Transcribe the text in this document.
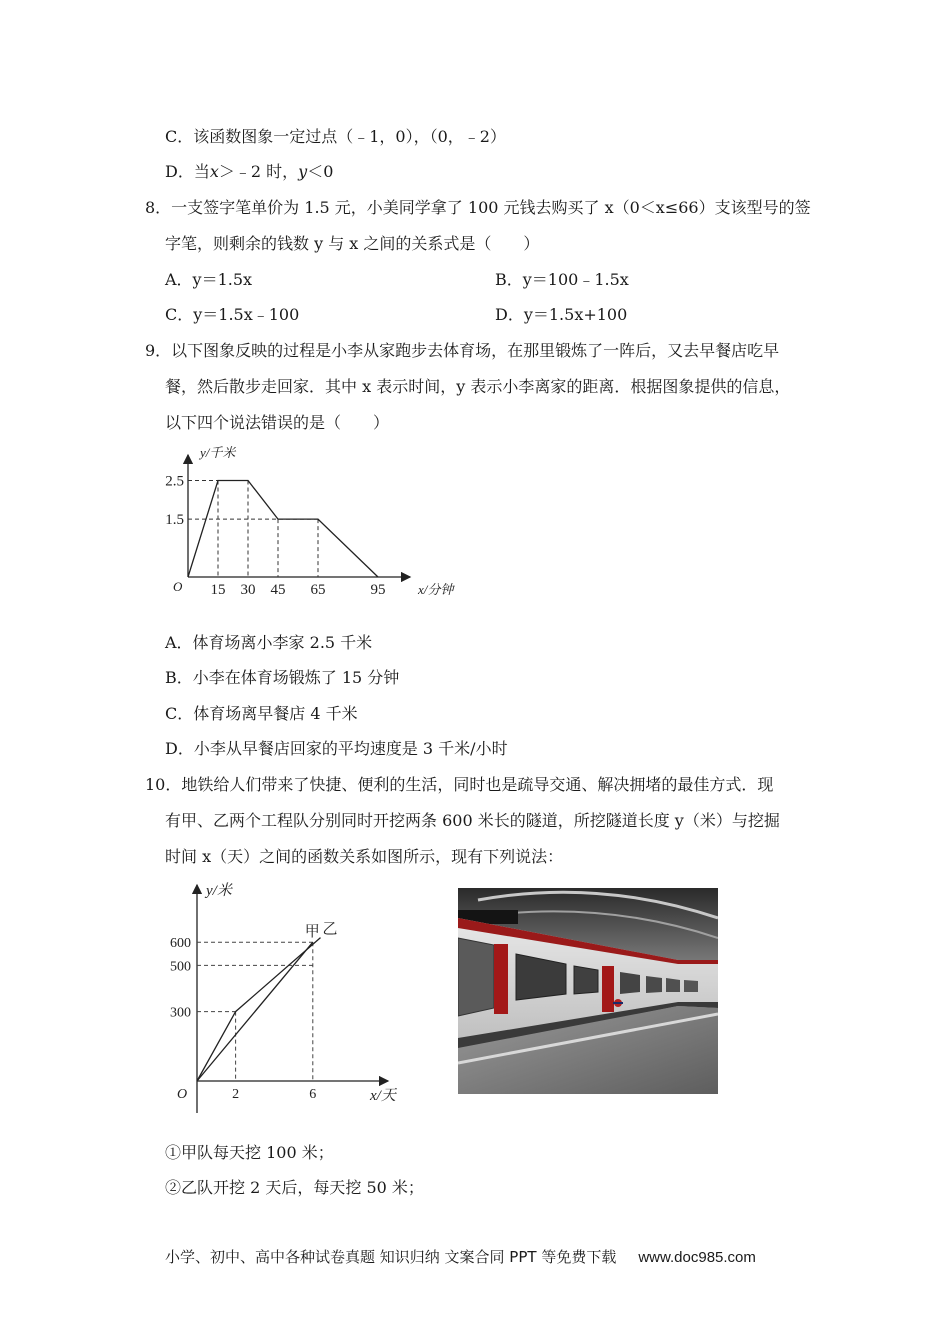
C．该函数图象一定过点（﹣1，0），（0，﹣2）
D．当x＞﹣2 时，y＜0
8．一支签字笔单价为 1.5 元，小美同学拿了 100 元钱去购买了 x（0＜x≤66）支该型号的签
字笔，则剩余的钱数 y 与 x 之间的关系式是（　　）
A．y＝1.5x	B．y＝100﹣1.5x
C．y＝1.5x﹣100	D．y＝1.5x+100
9．以下图象反映的过程是小李从家跑步去体育场，在那里锻炼了一阵后，又去早餐店吃早
餐，然后散步走回家．其中 x 表示时间，y 表示小李离家的距离．根据图象提供的信息，
以下四个说法错误的是（　　）
15 30 45 65	95
1.5
2.5
y/千米
x/分钟
O
A．体育场离小李家 2.5 千米
B．小李在体育场锻炼了 15 分钟
C．体育场离早餐店 4 千米
D．小李从早餐店回家的平均速度是 3 千米/小时
10．地铁给人们带来了快捷、便利的生活，同时也是疏导交通、解决拥堵的最佳方式．现
有甲、乙两个工程队分别同时开挖两条 600 米长的隧道，所挖隧道长度 y（米）与挖掘
时间 x（天）之间的函数关系如图所示，现有下列说法：
甲 乙
2	6
300
500
600
y/米
x/天
O
①甲队每天挖 100 米；
②乙队开挖 2 天后，每天挖 50 米；
小学、初中、高中各种试卷真题 知识归纳 文案合同 PPT 等免费下载 www.doc985.com
